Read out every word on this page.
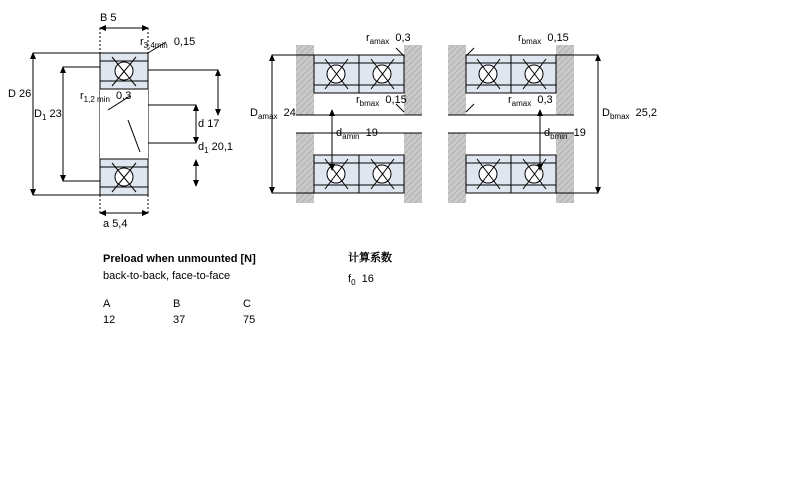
B 5
$r_{3,4min}$ 0,15
D 26
$D_1$ 23
$r_{1,2 min}$ 0,3
d 17
$d_1$ 20,1
a 5,4
$r_{amax}$ 0,3	$r_{bmax}$ 0,15
$D_{amax}$ 24
$r_{bmax}$ 0,15	$r_{amax}$ 0,3
$d_{amin}$ 19	$d_{bmin}$ 19
$D_{bmax}$ 25,2
Preload when unmounted [N]
back-to-back, face-to-face
A	B	C
12	37	75
计算系数
$f_0$ 16
